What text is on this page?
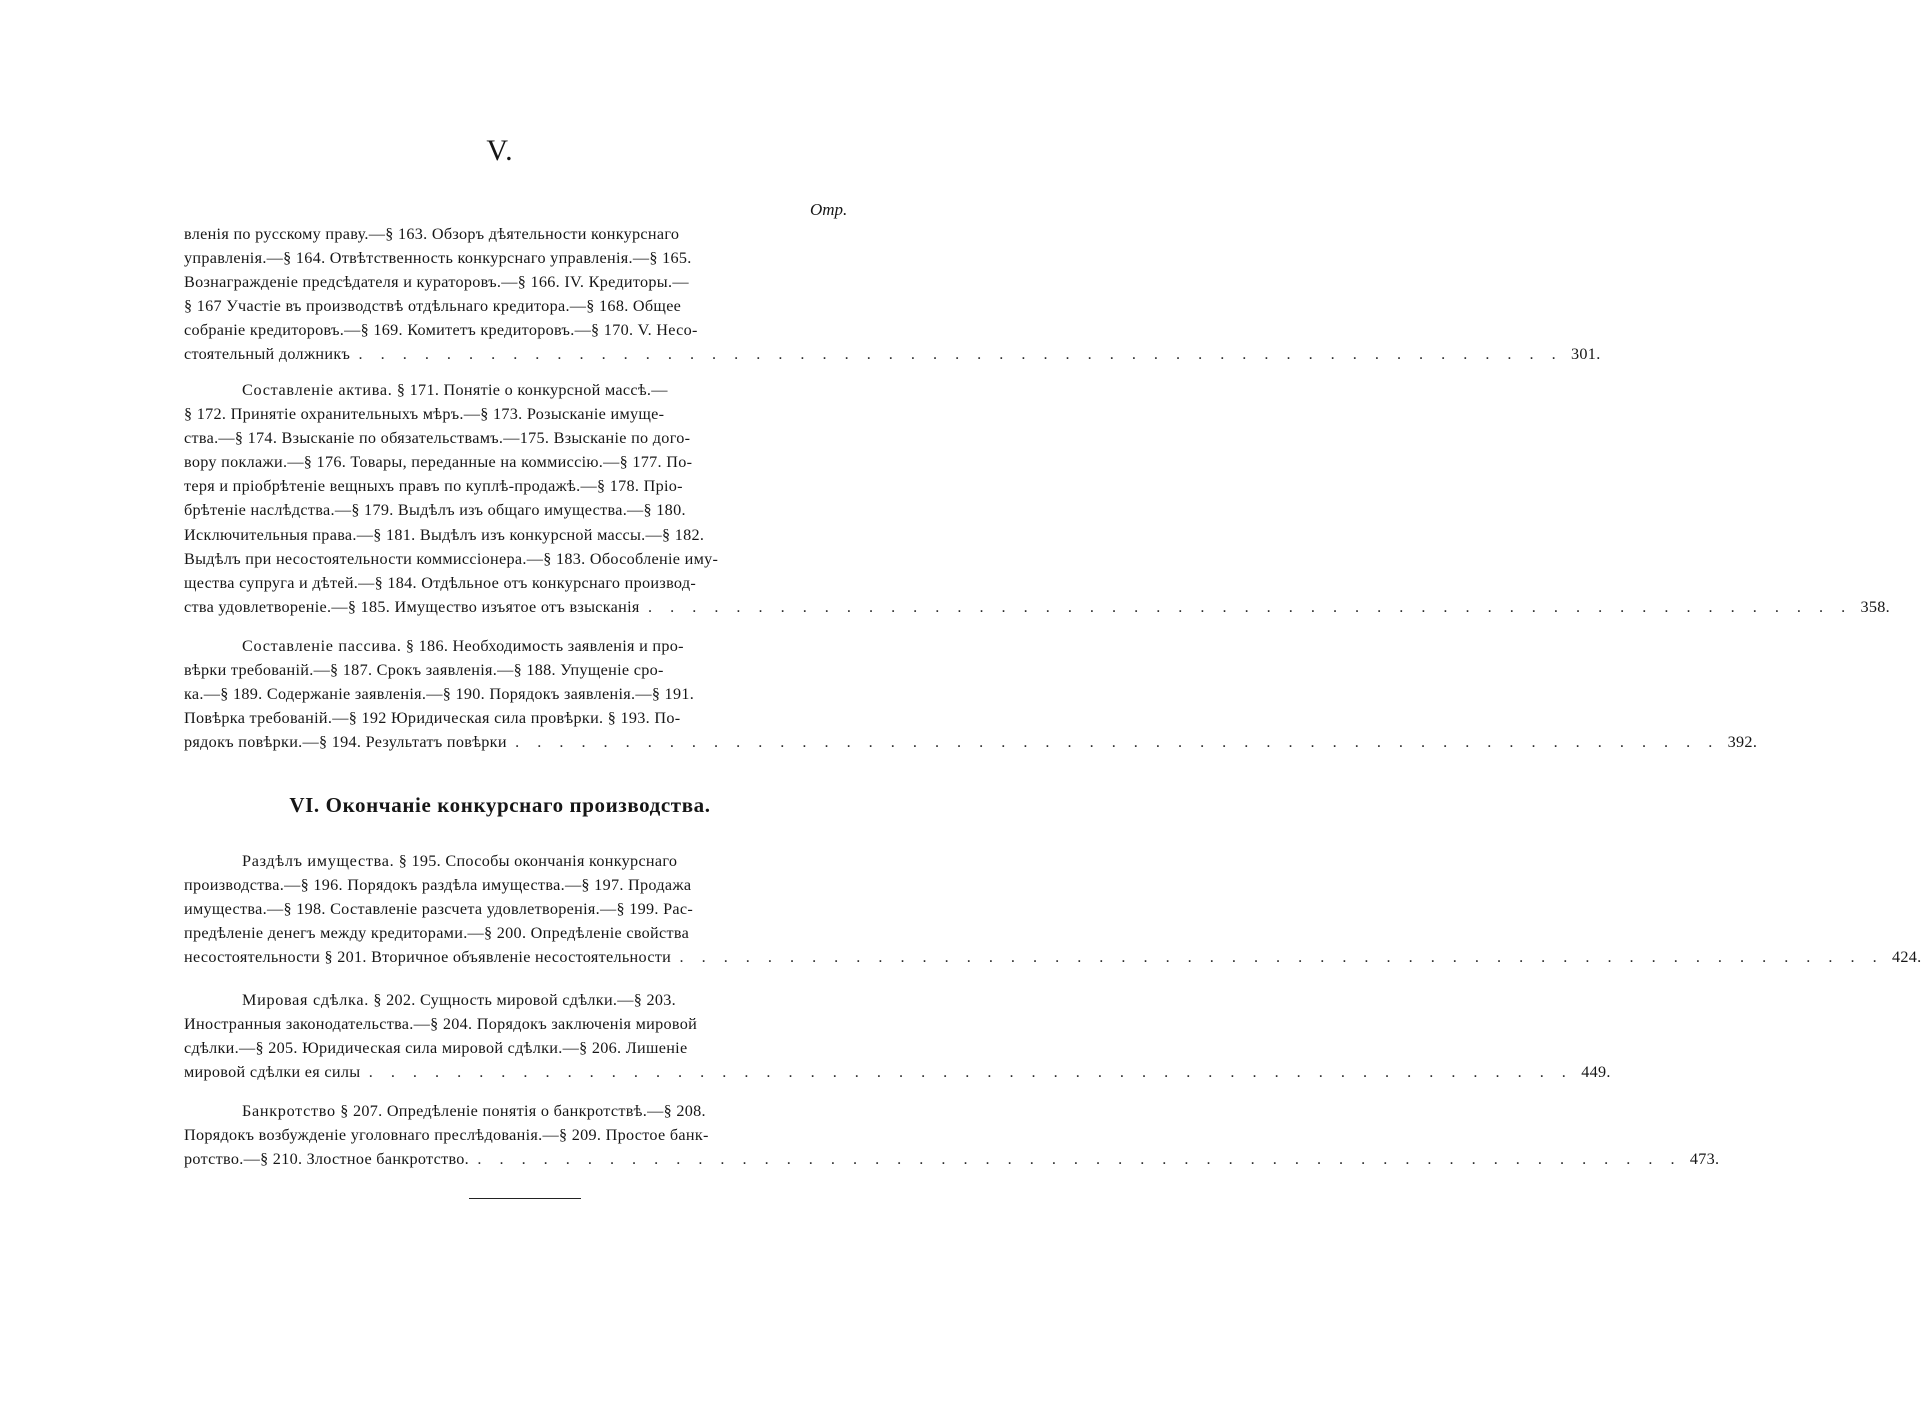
V.
Отр.
вленія по русскому праву.—§ 163. Обзоръ дѣятельности конкурснаго
управленія.—§ 164. Отвѣтственность конкурснаго управленія.—§ 165.
Вознагражденіе предсѣдателя и кураторовъ.—§ 166. IV. Кредиторы.—
§ 167 Участіе въ производствѣ отдѣльнаго кредитора.—§ 168. Общее
собраніе кредиторовъ.—§ 169. Комитетъ кредиторовъ.—§ 170. V. Несо-
стоятельный должникъ . . .	301.
Составленіе актива. § 171. Понятіе о конкурсной массѣ.—
§ 172. Принятіе охранительныхъ мѣръ.—§ 173. Розысканіе имуще-
ства.—§ 174. Взысканіе по обязательствамъ.—175. Взысканіе по дого-
вору поклажи.—§ 176. Товары, переданные на коммиссію.—§ 177. По-
теря и пріобрѣтеніе вещныхъ правъ по куплѣ-продажѣ.—§ 178. Пріо-
брѣтеніе наслѣдства.—§ 179. Выдѣлъ изъ общаго имущества.—§ 180.
Исключительныя права.—§ 181. Выдѣлъ изъ конкурсной массы.—§ 182.
Выдѣлъ при несостоятельности коммиссіонера.—§ 183. Обособленіе иму-
щества супруга и дѣтей.—§ 184. Отдѣльное отъ конкурснаго производ-
ства удовлетвореніе.—§ 185. Имущество изъятое отъ взысканія . . .	358.
Составленіе пассива. § 186. Необходимость заявленія и про-
вѣрки требованій.—§ 187. Срокъ заявленія.—§ 188. Упущеніе сро-
ка.—§ 189. Содержаніе заявленія.—§ 190. Порядокъ заявленія.—§ 191.
Повѣрка требованій.—§ 192 Юридическая сила провѣрки. § 193. По-
рядокъ повѣрки.—§ 194. Результатъ повѣрки . . .	392.
VI. Окончаніе конкурснаго производства.
Раздѣлъ имущества. § 195. Способы окончанія конкурснаго
производства.—§ 196. Порядокъ раздѣла имущества.—§ 197. Продажа
имущества.—§ 198. Составленіе разсчета удовлетворенія.—§ 199. Рас-
предѣленіе денегъ между кредиторами.—§ 200. Опредѣленіе свойства
несостоятельности § 201. Вторичное объявленіе несостоятельности . . .	424.
Мировая сдѣлка. § 202. Сущность мировой сдѣлки.—§ 203.
Иностранныя законодательства.—§ 204. Порядокъ заключенія мировой
сдѣлки.—§ 205. Юридическая сила мировой сдѣлки.—§ 206. Лишеніе
мировой сдѣлки ея силы . . .	449.
Банкротство § 207. Опредѣленіе понятія о банкротствѣ.—§ 208.
Порядокъ возбужденіе уголовнаго преслѣдованія.—§ 209. Простое банк-
ротство.—§ 210. Злостное банкротство. . . .	473.
